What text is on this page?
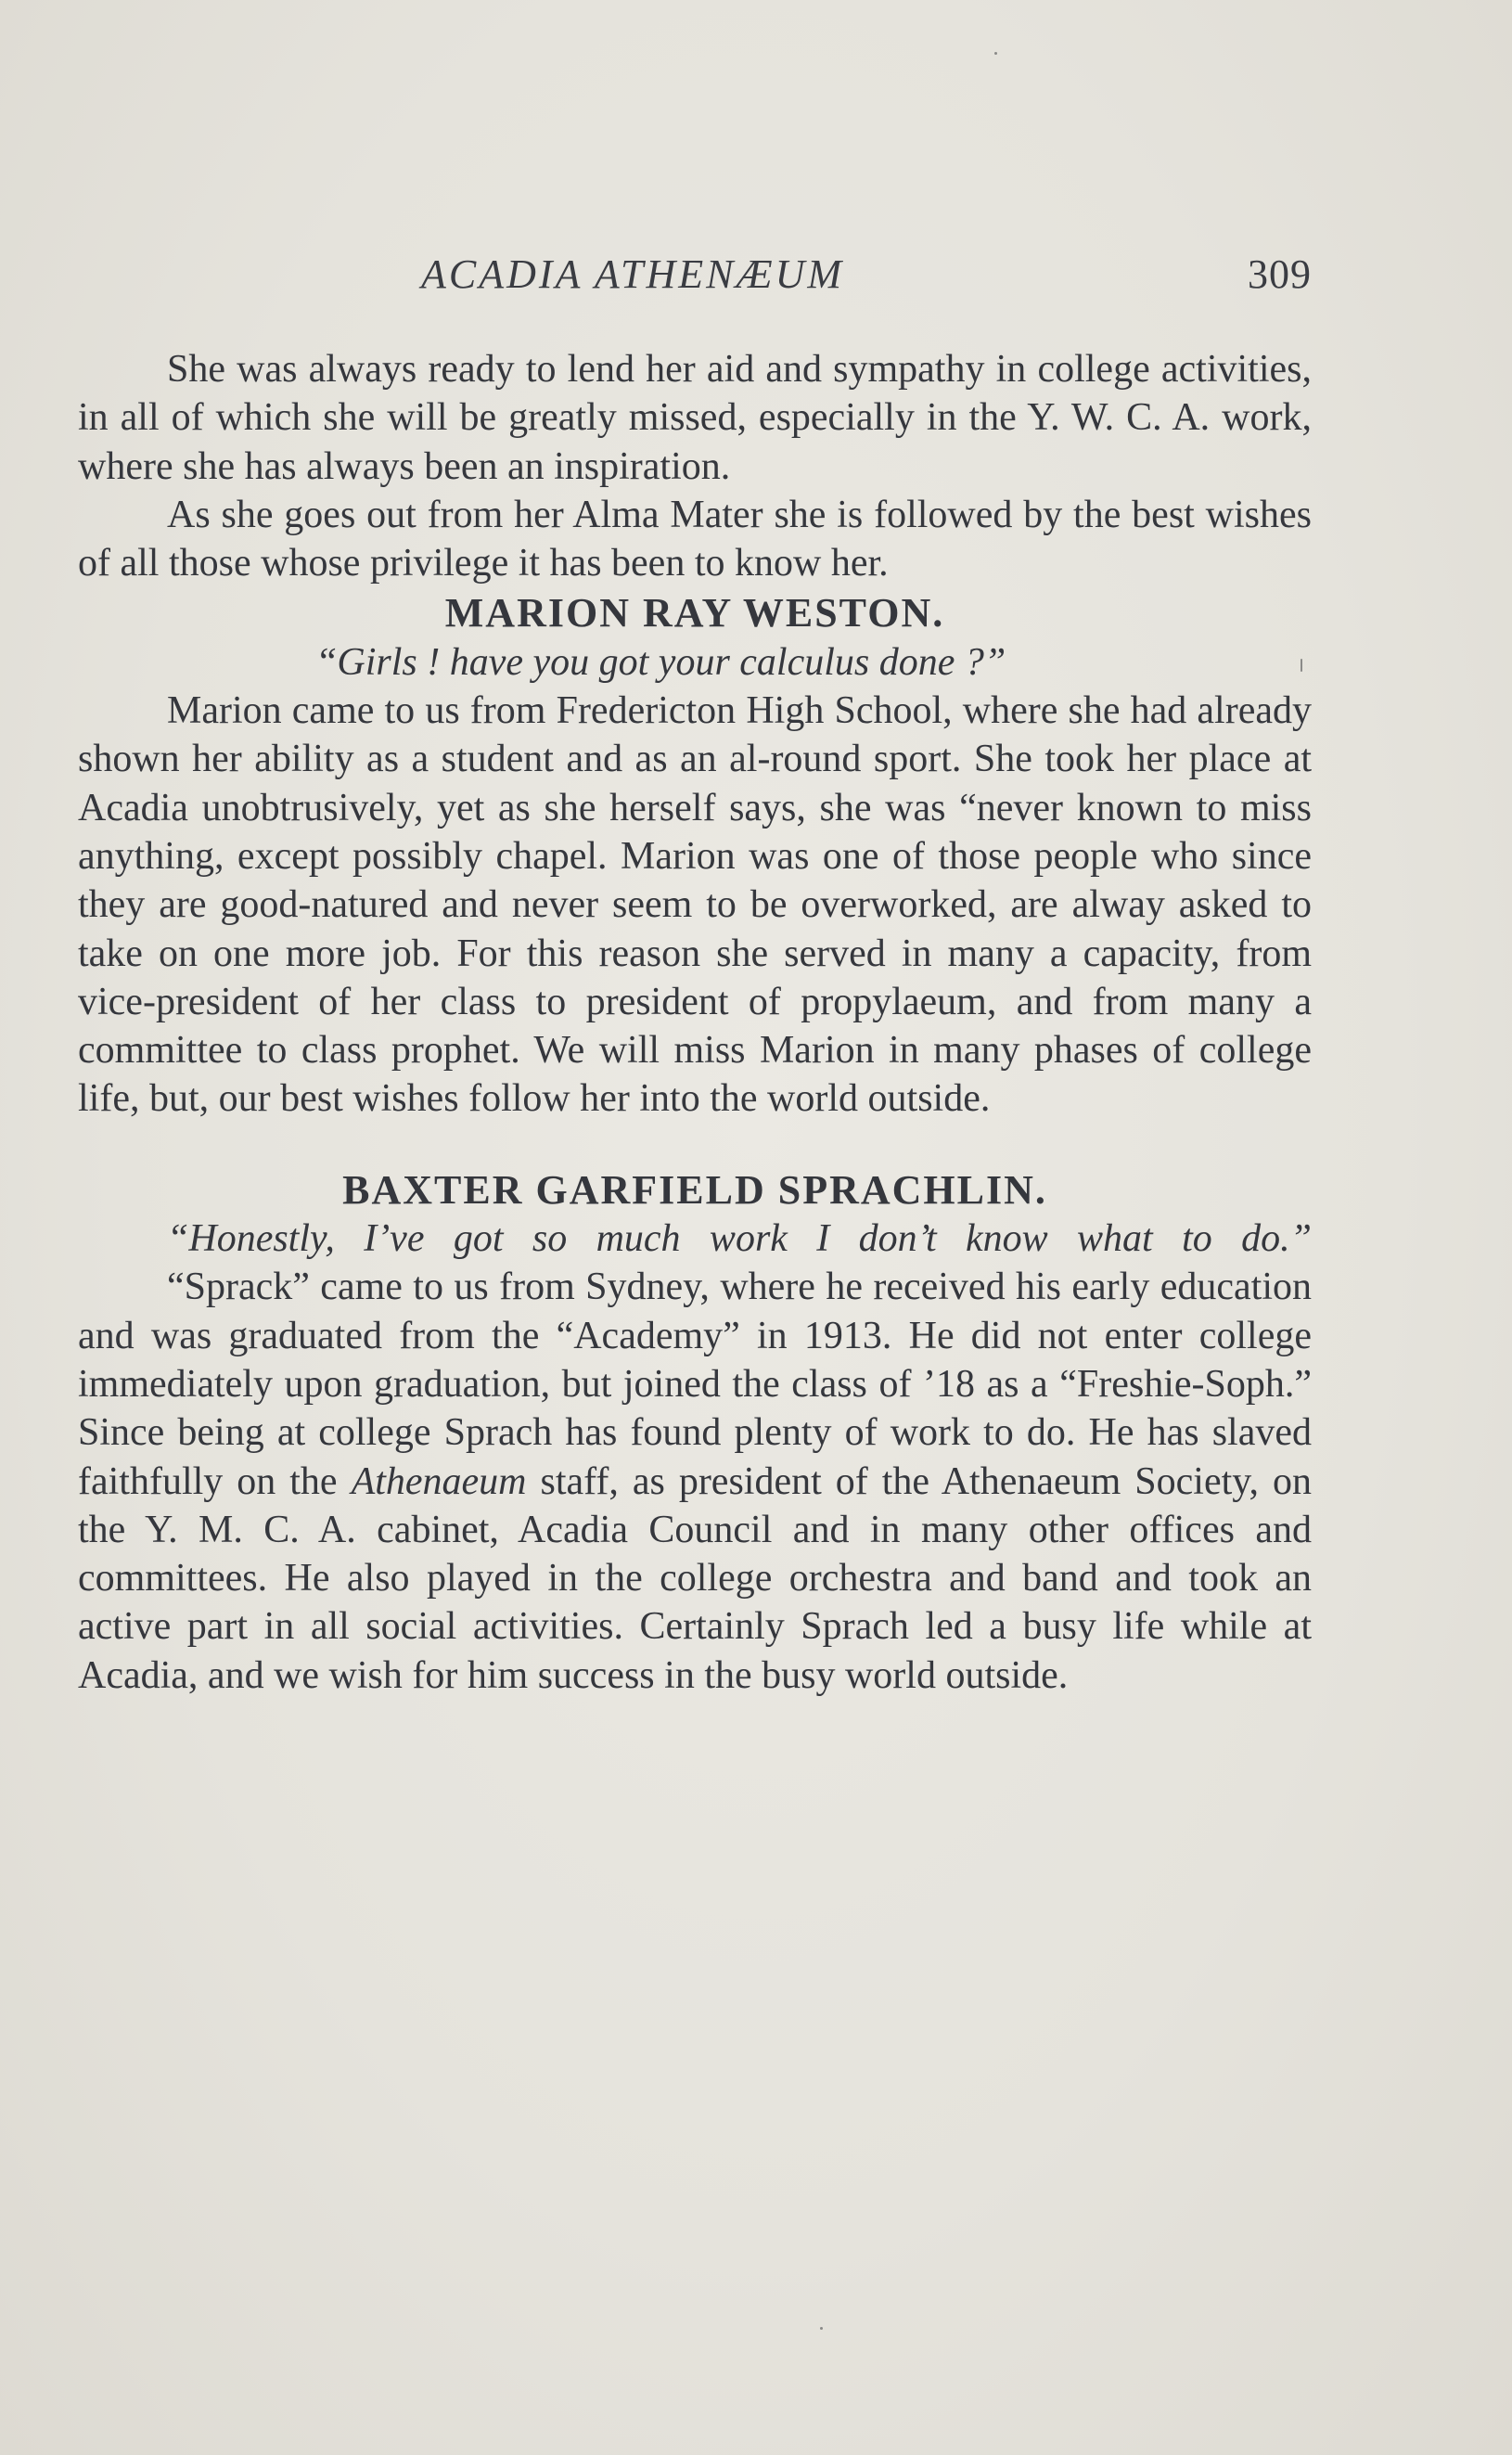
ACADIA ATHENÆUM	309

She was always ready to lend her aid and sympathy in college activities, in all of which she will be greatly missed, especially in the Y. W. C. A. work, where she has always been an inspiration.

As she goes out from her Alma Mater she is followed by the best wishes of all those whose privilege it has been to know her.

MARION RAY WESTON.

“Girls ! have you got your calculus done ?”

Marion came to us from Fredericton High School, where she had already shown her ability as a student and as an al-round sport. She took her place at Acadia unobtrusively, yet as she herself says, she was “never known to miss anything, except possibly chapel. Marion was one of those people who since they are good-natured and never seem to be overworked, are alway asked to take on one more job. For this reason she served in many a capacity, from vice-president of her class to president of propylaeum, and from many a committee to class prophet. We will miss Marion in many phases of college life, but, our best wishes follow her into the world outside.

BAXTER GARFIELD SPRACHLIN.

“Honestly, I’ve got so much work I don’t know what to do.”

“Sprack” came to us from Sydney, where he received his early education and was graduated from the “Academy” in 1913. He did not enter college immediately upon graduation, but joined the class of ’18 as a “Freshie-Soph.” Since being at college Sprach has found plenty of work to do. He has slaved faithfully on the Athenaeum staff, as president of the Athenaeum Society, on the Y. M. C. A. cabinet, Acadia Council and in many other offices and committees. He also played in the college orchestra and band and took an active part in all social activities. Certainly Sprach led a busy life while at Acadia, and we wish for him success in the busy world outside.
